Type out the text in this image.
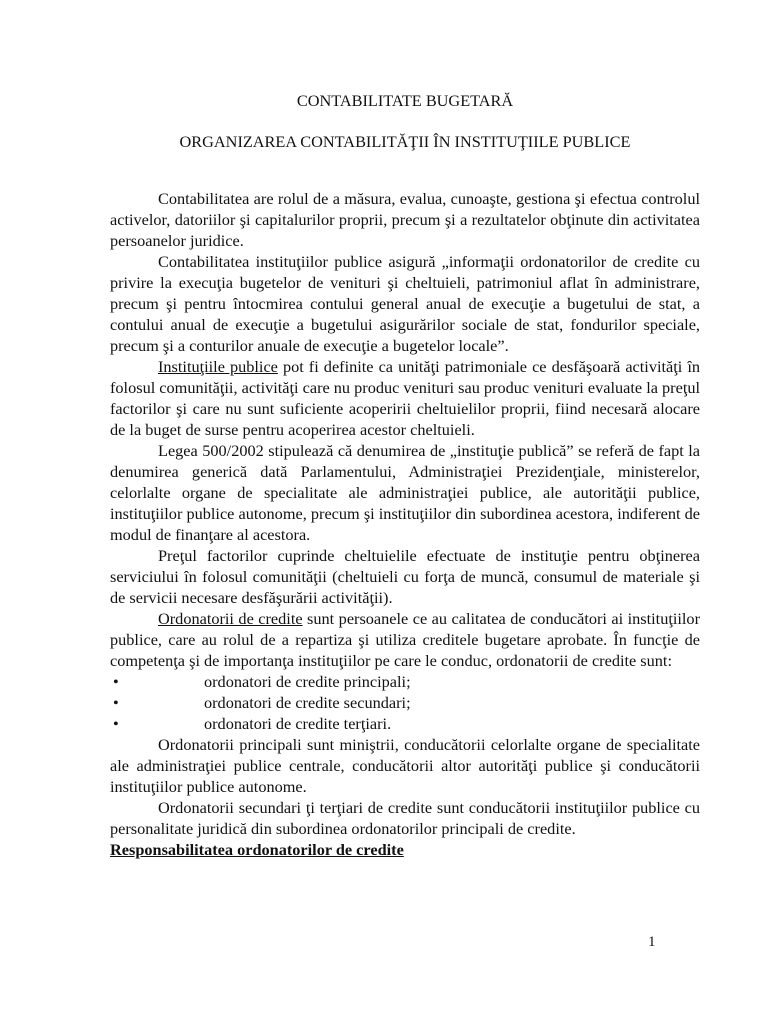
CONTABILITATE BUGETARĂ
ORGANIZAREA CONTABILITĂŢII ÎN INSTITUŢIILE PUBLICE

Contabilitatea are rolul de a măsura, evalua, cunoaşte, gestiona şi efectua controlul activelor, datoriilor şi capitalurilor proprii, precum şi a rezultatelor obţinute din activitatea persoanelor juridice.

Contabilitatea instituţiilor publice asigură „informaţii ordonatorilor de credite cu privire la execuţia bugetelor de venituri şi cheltuieli, patrimoniul aflat în administrare, precum şi pentru întocmirea contului general anual de execuţie a bugetului de stat, a contului anual de execuţie a bugetului asigurărilor sociale de stat, fondurilor speciale, precum şi a conturilor anuale de execuţie a bugetelor locale”.

Instituţiile publice pot fi definite ca unităţi patrimoniale ce desfăşoară activităţi în folosul comunităţii, activităţi care nu produc venituri sau produc venituri evaluate la preţul factorilor şi care nu sunt suficiente acoperirii cheltuielilor proprii, fiind necesară alocare de la buget de surse pentru acoperirea acestor cheltuieli.

Legea 500/2002 stipulează că denumirea de „instituţie publică” se referă de fapt la denumirea generică dată Parlamentului, Administraţiei Prezidenţiale, ministerelor, celorlalte organe de specialitate ale administraţiei publice, ale autorităţii publice, instituţiilor publice autonome, precum şi instituţiilor din subordinea acestora, indiferent de modul de finanţare al acestora.

Preţul factorilor cuprinde cheltuielile efectuate de instituţie pentru obţinerea serviciului în folosul comunităţii (cheltuieli cu forţa de muncă, consumul de materiale şi de servicii necesare desfăşurării activităţii).

Ordonatorii de credite sunt persoanele ce au calitatea de conducători ai instituţiilor publice, care au rolul de a repartiza şi utiliza creditele bugetare aprobate. În funcţie de competenţa şi de importanţa instituţiilor pe care le conduc, ordonatorii de credite sunt:

•	ordonatori de credite principali;
•	ordonatori de credite secundari;
•	ordonatori de credite terţiari.

Ordonatorii principali sunt miniştrii, conducătorii celorlalte organe de specialitate ale administraţiei publice centrale, conducătorii altor autorităţi publice şi conducătorii instituţiilor publice autonome.

Ordonatorii secundari ţi terţiari de credite sunt conducătorii instituţiilor publice cu personalitate juridică din subordinea ordonatorilor principali de credite.

Responsabilitatea ordonatorilor de credite

1
